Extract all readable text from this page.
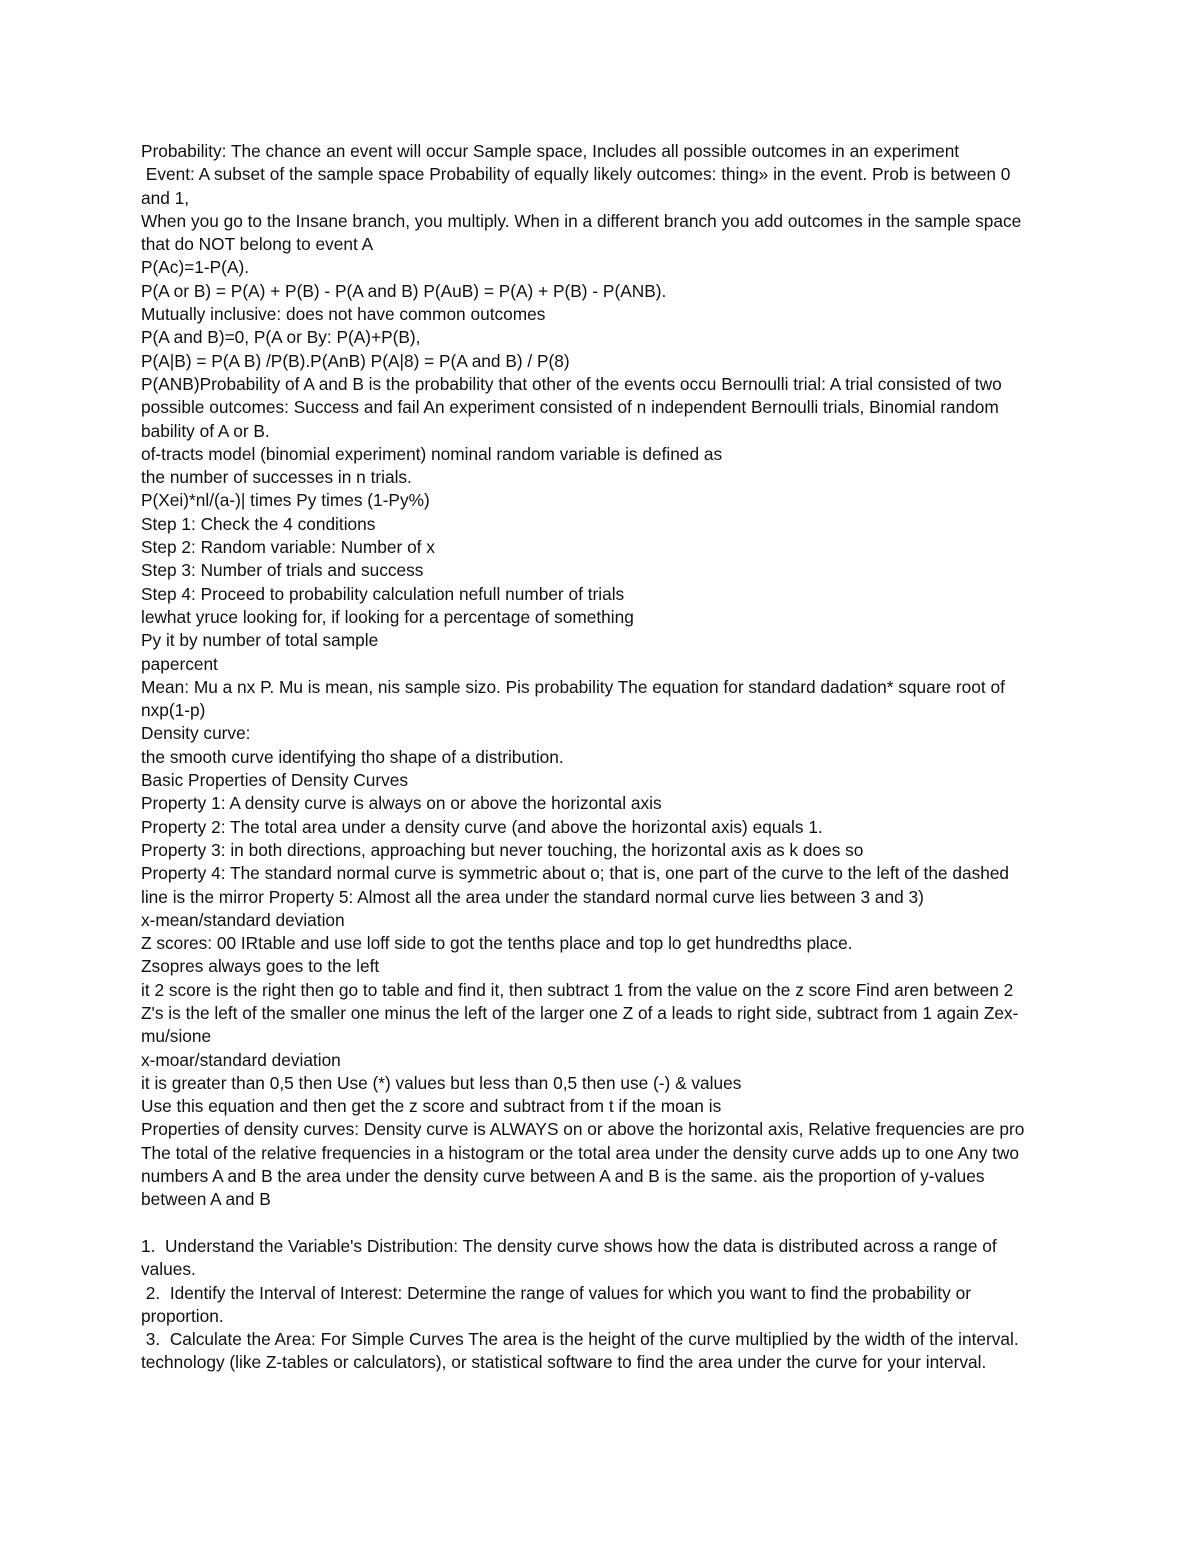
Probability: The chance an event will occur Sample space, Includes all possible outcomes in an experiment
Event: A subset of the sample space Probability of equally likely outcomes: thing» in the event. Prob is between 0
and 1,
When you go to the Insane branch, you multiply. When in a different branch you add outcomes in the sample space
that do NOT belong to event A
P(Ac)=1-P(A).
P(A or B) = P(A) + P(B) - P(A and B) P(AuB) = P(A) + P(B) - P(ANB).
Mutually inclusive: does not have common outcomes
P(A and B)=0, P(A or By: P(A)+P(B),
P(A|B) = P(A B) /P(B).P(AnB) P(A|8) = P(A and B) / P(8)
P(ANB)Probability of A and B is the probability that other of the events occu Bernoulli trial: A trial consisted of two
possible outcomes: Success and fail An experiment consisted of n independent Bernoulli trials, Binomial random
bability of A or B.
of-tracts model (binomial experiment) nominal random variable is defined as
the number of successes in n trials.
P(Xei)*nl/(a-)| times Py times (1-Py%)
Step 1: Check the 4 conditions
Step 2: Random variable: Number of x
Step 3: Number of trials and success
Step 4: Proceed to probability calculation nefull number of trials
lewhat yruce looking for, if looking for a percentage of something
Py it by number of total sample
papercent
Mean: Mu a nx P. Mu is mean, nis sample sizo. Pis probability The equation for standard dadation* square root of
nxp(1-p)
Density curve:
the smooth curve identifying tho shape of a distribution.
Basic Properties of Density Curves
Property 1: A density curve is always on or above the horizontal axis
Property 2: The total area under a density curve (and above the horizontal axis) equals 1.
Property 3: in both directions, approaching but never touching, the horizontal axis as k does so
Property 4: The standard normal curve is symmetric about o; that is, one part of the curve to the left of the dashed
line is the mirror Property 5: Almost all the area under the standard normal curve lies between 3 and 3)
x-mean/standard deviation
Z scores: 00 IRtable and use loff side to got the tenths place and top lo get hundredths place.
Zsopres always goes to the left
it 2 score is the right then go to table and find it, then subtract 1 from the value on the z score Find aren between 2
Z's is the left of the smaller one minus the left of the larger one Z of a leads to right side, subtract from 1 again Zex-
mu/sione
x-moar/standard deviation
it is greater than 0,5 then Use (*) values but less than 0,5 then use (-) & values
Use this equation and then get the z score and subtract from t if the moan is
Properties of density curves: Density curve is ALWAYS on or above the horizontal axis, Relative frequencies are pro
The total of the relative frequencies in a histogram or the total area under the density curve adds up to one Any two
numbers A and B the area under the density curve between A and B is the same. ais the proportion of y-values
between A and B
1.  Understand the Variable's Distribution: The density curve shows how the data is distributed across a range of
values.
2.  Identify the Interval of Interest: Determine the range of values for which you want to find the probability or
proportion.
3.  Calculate the Area: For Simple Curves The area is the height of the curve multiplied by the width of the interval.
technology (like Z-tables or calculators), or statistical software to find the area under the curve for your interval.
